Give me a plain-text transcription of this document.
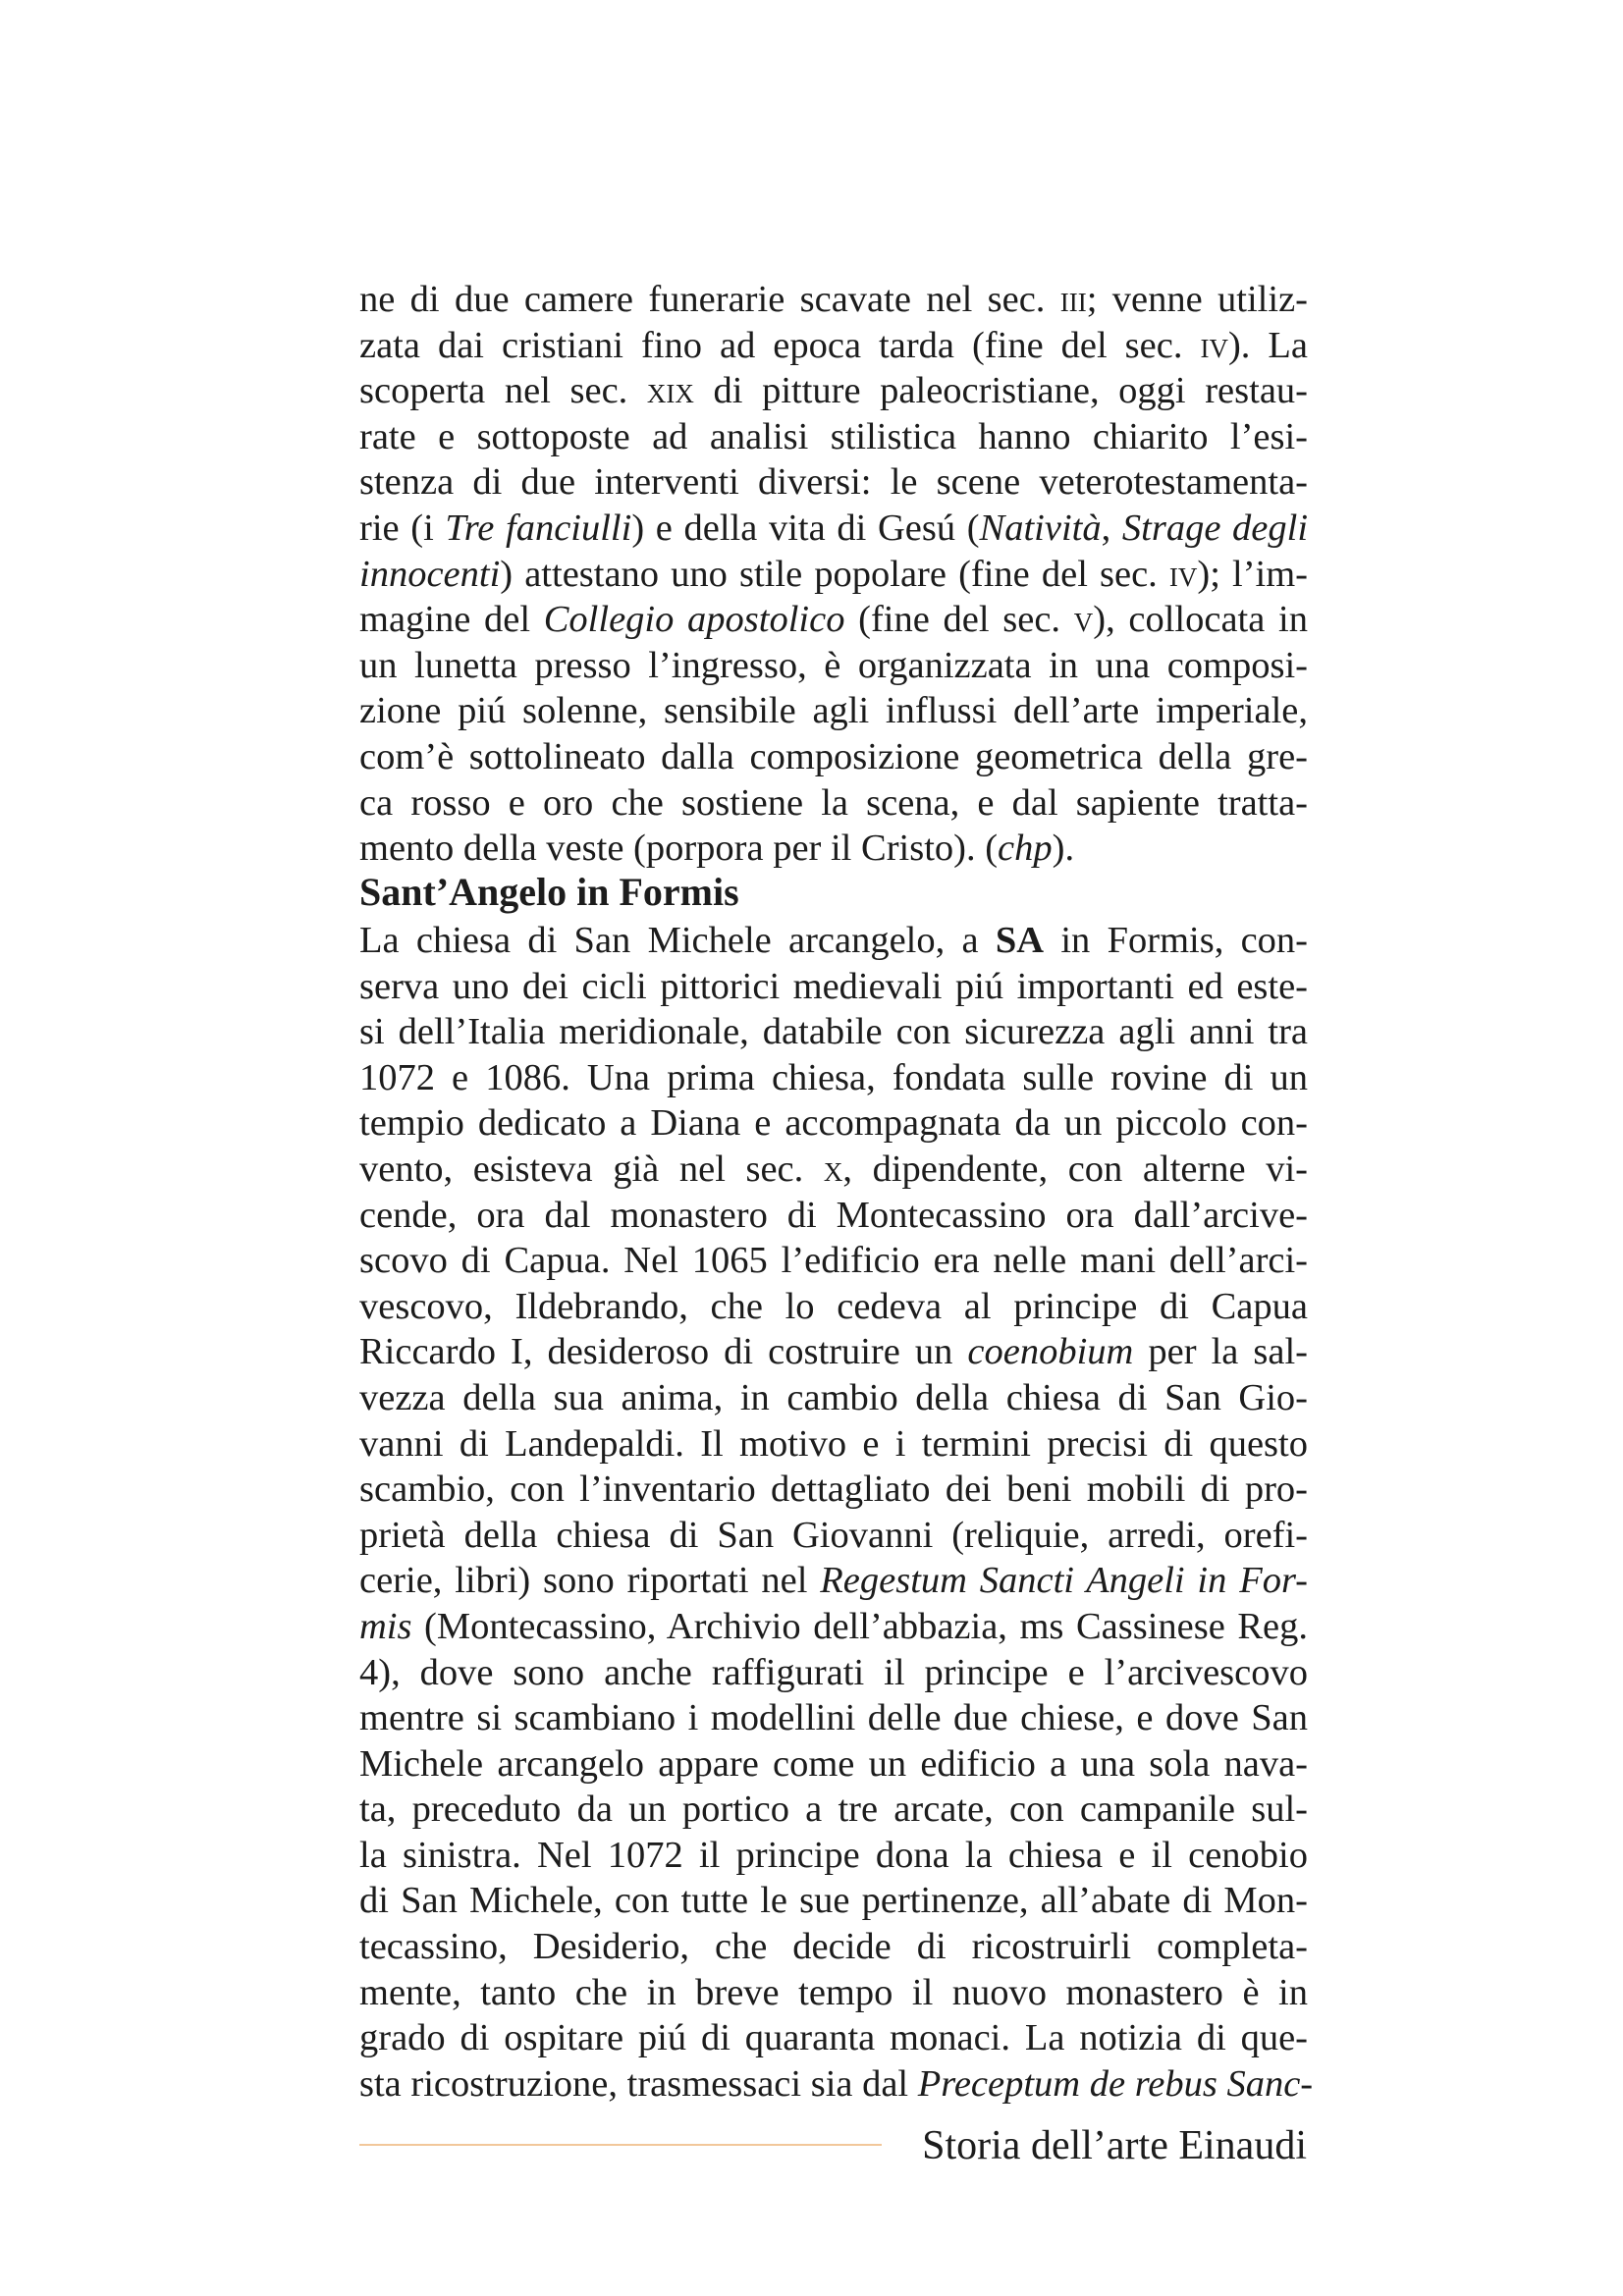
ne di due camere funerarie scavate nel sec. iii; venne utiliz-
zata dai cristiani fino ad epoca tarda (fine del sec. iv). La
scoperta nel sec. xix di pitture paleocristiane, oggi restau-
rate e sottoposte ad analisi stilistica hanno chiarito l’esi-
stenza di due interventi diversi: le scene veterotestamenta-
rie (i Tre fanciulli) e della vita di Gesú (Natività, Strage degli
innocenti) attestano uno stile popolare (fine del sec. iv); l’im-
magine del Collegio apostolico (fine del sec. v), collocata in
un lunetta presso l’ingresso, è organizzata in una composi-
zione piú solenne, sensibile agli influssi dell’arte imperiale,
com’è sottolineato dalla composizione geometrica della gre-
ca rosso e oro che sostiene la scena, e dal sapiente tratta-
mento della veste (porpora per il Cristo). (chp).
Sant’Angelo in Formis
La chiesa di San Michele arcangelo, a SA in Formis, con-
serva uno dei cicli pittorici medievali piú importanti ed este-
si dell’Italia meridionale, databile con sicurezza agli anni tra
1072 e 1086. Una prima chiesa, fondata sulle rovine di un
tempio dedicato a Diana e accompagnata da un piccolo con-
vento, esisteva già nel sec. x, dipendente, con alterne vi-
cende, ora dal monastero di Montecassino ora dall’arcive-
scovo di Capua. Nel 1065 l’edificio era nelle mani dell’arci-
vescovo, Ildebrando, che lo cedeva al principe di Capua
Riccardo I, desideroso di costruire un coenobium per la sal-
vezza della sua anima, in cambio della chiesa di San Gio-
vanni di Landepaldi. Il motivo e i termini precisi di questo
scambio, con l’inventario dettagliato dei beni mobili di pro-
prietà della chiesa di San Giovanni (reliquie, arredi, orefi-
cerie, libri) sono riportati nel Regestum Sancti Angeli in For-
mis (Montecassino, Archivio dell’abbazia, ms Cassinese Reg.
4), dove sono anche raffigurati il principe e l’arcivescovo
mentre si scambiano i modellini delle due chiese, e dove San
Michele arcangelo appare come un edificio a una sola nava-
ta, preceduto da un portico a tre arcate, con campanile sul-
la sinistra. Nel 1072 il principe dona la chiesa e il cenobio
di San Michele, con tutte le sue pertinenze, all’abate di Mon-
tecassino, Desiderio, che decide di ricostruirli completa-
mente, tanto che in breve tempo il nuovo monastero è in
grado di ospitare piú di quaranta monaci. La notizia di que-
sta ricostruzione, trasmessaci sia dal Preceptum de rebus Sanc-
Storia dell’arte Einaudi
